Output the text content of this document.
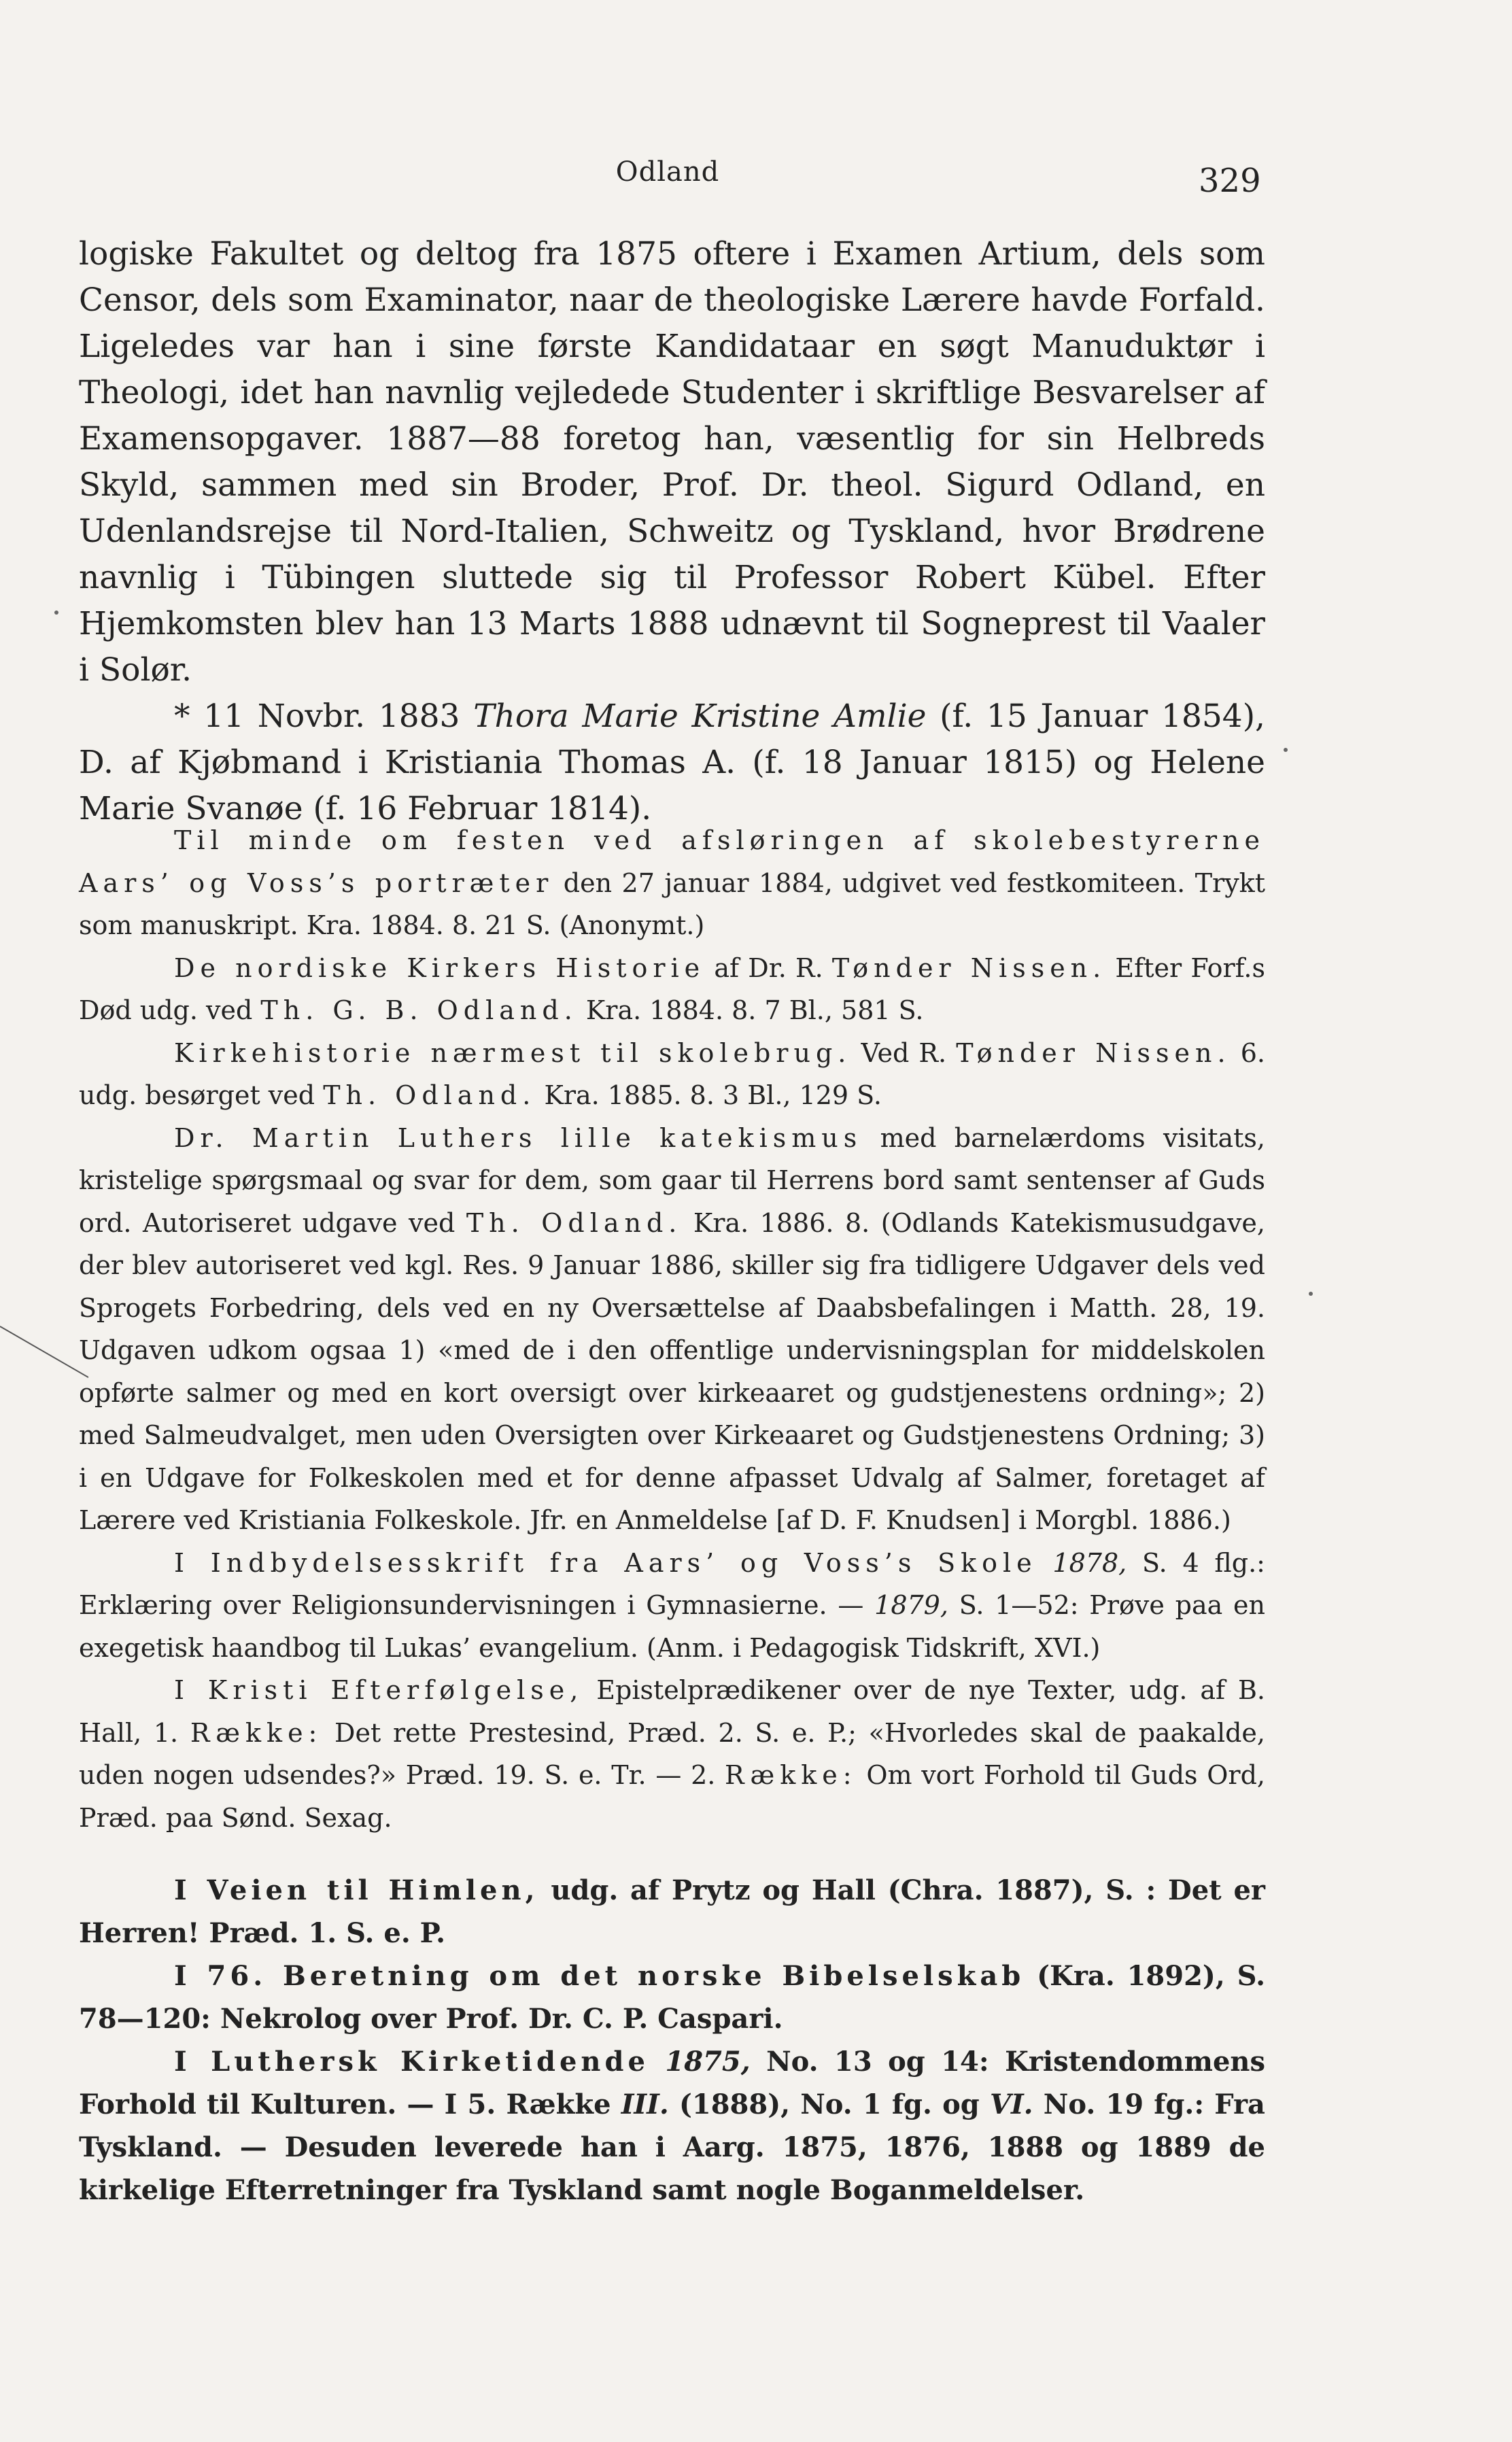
Odland	329

logiske Fakultet og deltog fra 1875 oftere i Examen Artium, dels som Censor, dels som Examinator, naar de theologiske Lærere havde Forfald. Ligeledes var han i sine første Kandidataar en søgt Manuduktør i Theologi, idet han navnlig vejledede Studenter i skriftlige Besvarelser af Examensopgaver. 1887—88 foretog han, væsentlig for sin Helbreds Skyld, sammen med sin Broder, Prof. Dr. theol. Sigurd Odland, en Udenlandsrejse til Nord-Italien, Schweitz og Tyskland, hvor Brødrene navnlig i Tübingen sluttede sig til Professor Robert Kübel. Efter Hjemkomsten blev han 13 Marts 1888 udnævnt til Sogneprest til Vaaler i Solør.

* 11 Novbr. 1883 Thora Marie Kristine Amlie (f. 15 Januar 1854), D. af Kjøbmand i Kristiania Thomas A. (f. 18 Januar 1815) og Helene Marie Svanøe (f. 16 Februar 1814).

Til minde om festen ved afsløringen af skolebestyrerne Aars’ og Voss’s portræter den 27 januar 1884, udgivet ved festkomiteen. Trykt som manuskript. Kra. 1884. 8. 21 S. (Anonymt.)

De nordiske Kirkers Historie af Dr. R. Tønder Nissen. Efter Forf.s Død udg. ved Th. G. B. Odland. Kra. 1884. 8. 7 Bl., 581 S.

Kirkehistorie nærmest til skolebrug. Ved R. Tønder Nissen. 6. udg. besørget ved Th. Odland. Kra. 1885. 8. 3 Bl., 129 S.

Dr. Martin Luthers lille katekismus med barnelærdoms visitats, kristelige spørgsmaal og svar for dem, som gaar til Herrens bord samt sentenser af Guds ord. Autoriseret udgave ved Th. Odland. Kra. 1886. 8. (Odlands Katekismusudgave, der blev autoriseret ved kgl. Res. 9 Januar 1886, skiller sig fra tidligere Udgaver dels ved Sprogets Forbedring, dels ved en ny Oversættelse af Daabsbefalingen i Matth. 28, 19. Udgaven udkom ogsaa 1) «med de i den offentlige undervisningsplan for middelskolen opførte salmer og med en kort oversigt over kirkeaaret og gudstjenestens ordning»; 2) med Salmeudvalget, men uden Oversigten over Kirkeaaret og Gudstjenestens Ordning; 3) i en Udgave for Folkeskolen med et for denne afpasset Udvalg af Salmer, foretaget af Lærere ved Kristiania Folkeskole. Jfr. en Anmeldelse [af D. F. Knudsen] i Morgbl. 1886.)

I Indbydelsesskrift fra Aars’ og Voss’s Skole 1878, S. 4 flg.: Erklæring over Religionsundervisningen i Gymnasierne. — 1879, S. 1—52: Prøve paa en exegetisk haandbog til Lukas’ evangelium. (Anm. i Pedagogisk Tidskrift, XVI.)

I Kristi Efterfølgelse, Epistelprædikener over de nye Texter, udg. af B. Hall, 1. Række: Det rette Prestesind, Præd. 2. S. e. P.; «Hvorledes skal de paakalde, uden nogen udsendes?» Præd. 19. S. e. Tr. — 2. Række: Om vort Forhold til Guds Ord, Præd. paa Sønd. Sexag.

I Veien til Himlen, udg. af Prytz og Hall (Chra. 1887), S. : Det er Herren! Præd. 1. S. e. P.

I 76. Beretning om det norske Bibelselskab (Kra. 1892), S. 78—120: Nekrolog over Prof. Dr. C. P. Caspari.

I Luthersk Kirketidende 1875, No. 13 og 14: Kristendommens Forhold til Kulturen. — I 5. Række III. (1888), No. 1 fg. og VI. No. 19 fg.: Fra Tyskland. — Desuden leverede han i Aarg. 1875, 1876, 1888 og 1889 de kirkelige Efterretninger fra Tyskland samt nogle Boganmeldelser.
